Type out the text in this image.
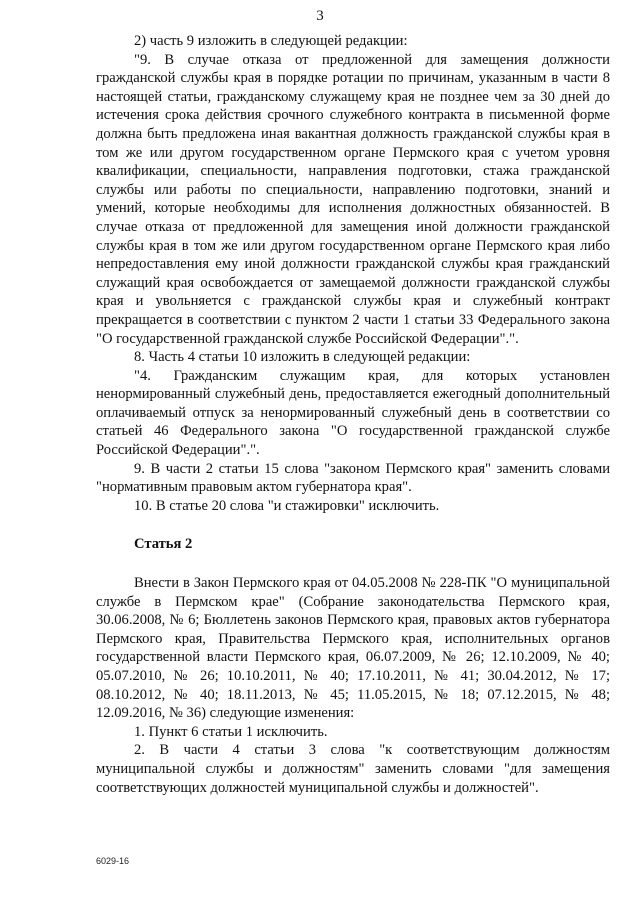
3

2) часть 9 изложить в следующей редакции:

"9. В случае отказа от предложенной для замещения должности гражданской службы края в порядке ротации по причинам, указанным в части 8 настоящей статьи, гражданскому служащему края не позднее чем за 30 дней до истечения срока действия срочного служебного контракта в письменной форме должна быть предложена иная вакантная должность гражданской службы края в том же или другом государственном органе Пермского края с учетом уровня квалификации, специальности, направления подготовки, стажа гражданской службы или работы по специальности, направлению подготовки, знаний и умений, которые необходимы для исполнения должностных обязанностей. В случае отказа от предложенной для замещения иной должности гражданской службы края в том же или другом государственном органе Пермского края либо непредоставления ему иной должности гражданской службы края гражданский служащий края освобождается от замещаемой должности гражданской службы края и увольняется с гражданской службы края и служебный контракт прекращается в соответствии с пунктом 2 части 1 статьи 33 Федерального закона "О государственной гражданской службе Российской Федерации".".

8. Часть 4 статьи 10 изложить в следующей редакции:

"4. Гражданским служащим края, для которых установлен ненормированный служебный день, предоставляется ежегодный дополнительный оплачиваемый отпуск за ненормированный служебный день в соответствии со статьей 46 Федерального закона "О государственной гражданской службе Российской Федерации".".

9. В части 2 статьи 15 слова "законом Пермского края" заменить словами "нормативным правовым актом губернатора края".

10. В статье 20 слова "и стажировки" исключить.

Статья 2

Внести в Закон Пермского края от 04.05.2008 № 228-ПК "О муниципальной службе в Пермском крае" (Собрание законодательства Пермского края, 30.06.2008, № 6; Бюллетень законов Пермского края, правовых актов губернатора Пермского края, Правительства Пермского края, исполнительных органов государственной власти Пермского края, 06.07.2009, № 26; 12.10.2009, № 40; 05.07.2010, № 26; 10.10.2011, № 40; 17.10.2011, № 41; 30.04.2012, № 17; 08.10.2012, № 40; 18.11.2013, № 45; 11.05.2015, № 18; 07.12.2015, № 48; 12.09.2016, № 36) следующие изменения:

1. Пункт 6 статьи 1 исключить.

2. В части 4 статьи 3 слова "к соответствующим должностям муниципальной службы и должностям" заменить словами "для замещения соответствующих должностей муниципальной службы и должностей".

6029-16
